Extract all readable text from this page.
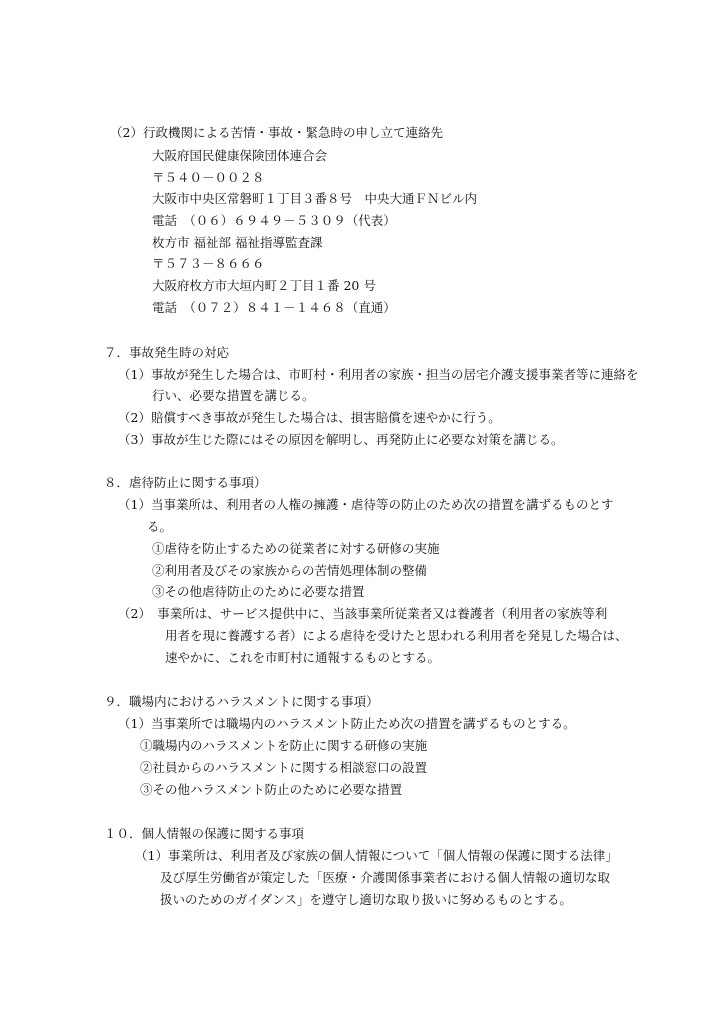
（2）行政機関による苦情・事故・緊急時の申し立て連絡先

大阪府国民健康保険団体連合会

〒５４０－００２８

大阪市中央区常磐町１丁目３番８号　中央大通ＦＮビル内

電話　（０６）６９４９－５３０９（代表）

枚方市 福祉部 福祉指導監査課

〒５７３－８６６６

大阪府枚方市大垣内町２丁目１番 20 号

電話　（０７２）８４１－１４６８（直通）

７．事故発生時の対応

（1）事故が発生した場合は、市町村・利用者の家族・担当の居宅介護支援事業者等に連絡を

行い、必要な措置を講じる。

（2）賠償すべき事故が発生した場合は、損害賠償を速やかに行う。

（3）事故が生じた際にはその原因を解明し、再発防止に必要な対策を講じる。

８．虐待防止に関する事項）

（1）当事業所は、利用者の人権の擁護・虐待等の防止のため次の措置を講ずるものとす

る。

①虐待を防止するための従業者に対する研修の実施

②利用者及びその家族からの苦情処理体制の整備

③その他虐待防止のために必要な措置

（2）　事業所は、サービス提供中に、当該事業所従業者又は養護者（利用者の家族等利

用者を現に養護する者）による虐待を受けたと思われる利用者を発見した場合は、

速やかに、これを市町村に通報するものとする。

９．職場内におけるハラスメントに関する事項）

（1）当事業所では職場内のハラスメント防止ため次の措置を講ずるものとする。

①職場内のハラスメントを防止に関する研修の実施

②社員からのハラスメントに関する相談窓口の設置

③その他ハラスメント防止のために必要な措置

１０．個人情報の保護に関する事項

（1）事業所は、利用者及び家族の個人情報について「個人情報の保護に関する法律」

及び厚生労働省が策定した「医療・介護関係事業者における個人情報の適切な取

扱いのためのガイダンス」を遵守し適切な取り扱いに努めるものとする。
